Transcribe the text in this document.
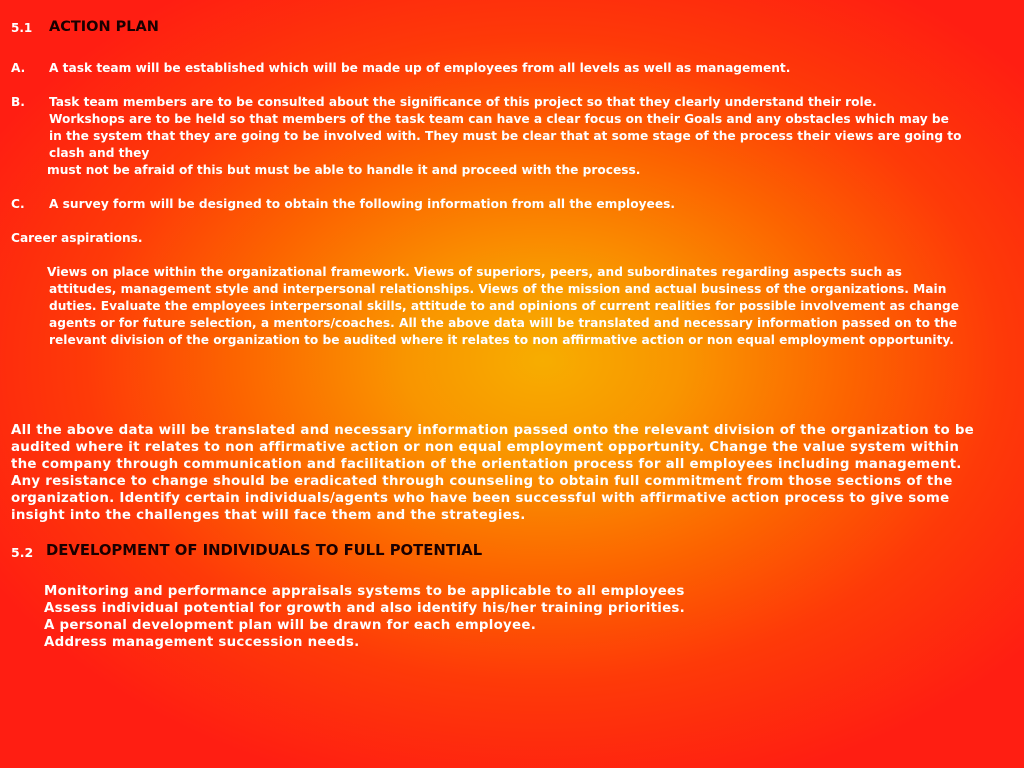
5.1 ACTION PLAN
A. A task team will be established which will be made up of employees from all levels as well as management.
B. Task team members are to be consulted about the significance of this project so that they clearly understand their role.
Workshops are to be held so that members of the task team can have a clear focus on their Goals and any obstacles which may be
in the system that they are going to be involved with. They must be clear that at some stage of the process their views are going to
clash and they
must not be afraid of this but must be able to handle it and proceed with the process.
C. A survey form will be designed to obtain the following information from all the employees.
Career aspirations.
Views on place within the organizational framework. Views of superiors, peers, and subordinates regarding aspects such as
attitudes, management style and interpersonal relationships. Views of the mission and actual business of the organizations. Main
duties. Evaluate the employees interpersonal skills, attitude to and opinions of current realities for possible involvement as change
agents or for future selection, a mentors/coaches. All the above data will be translated and necessary information passed on to the
relevant division of the organization to be audited where it relates to non affirmative action or non equal employment opportunity.
All the above data will be translated and necessary information passed onto the relevant division of the organization to be
audited where it relates to non affirmative action or non equal employment opportunity. Change the value system within
the company through communication and facilitation of the orientation process for all employees including management.
Any resistance to change should be eradicated through counseling to obtain full commitment from those sections of the
organization. Identify certain individuals/agents who have been successful with affirmative action process to give some
insight into the challenges that will face them and the strategies.
5.2 DEVELOPMENT OF INDIVIDUALS TO FULL POTENTIAL
Monitoring and performance appraisals systems to be applicable to all employees
Assess individual potential for growth and also identify his/her training priorities.
A personal development plan will be drawn for each employee.
Address management succession needs.
